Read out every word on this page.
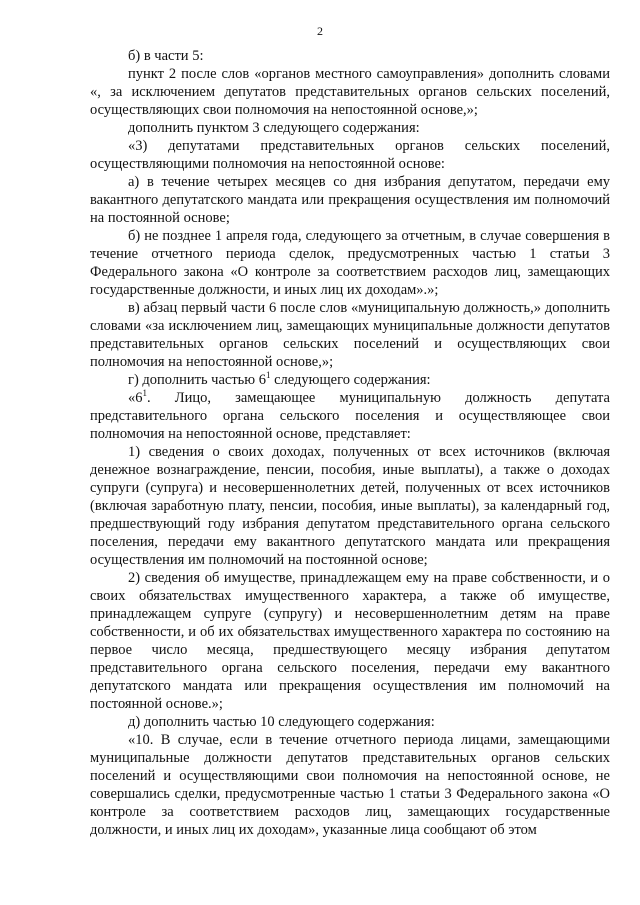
2

б) в части 5:

пункт 2 после слов «органов местного самоуправления» дополнить словами «, за исключением депутатов представительных органов сельских поселений, осуществляющих свои полномочия на непостоянной основе,»;

дополнить пунктом 3 следующего содержания:

«3) депутатами представительных органов сельских поселений, осуществляющими полномочия на непостоянной основе:

а) в течение четырех месяцев со дня избрания депутатом, передачи ему вакантного депутатского мандата или прекращения осуществления им полномочий на постоянной основе;

б) не позднее 1 апреля года, следующего за отчетным, в случае совершения в течение отчетного периода сделок, предусмотренных частью 1 статьи 3 Федерального закона «О контроле за соответствием расходов лиц, замещающих государственные должности, и иных лиц их доходам».»;

в) абзац первый части 6 после слов «муниципальную должность,» дополнить словами «за исключением лиц, замещающих муниципальные должности депутатов представительных органов сельских поселений и осуществляющих свои полномочия на непостоянной основе,»;

г) дополнить частью $6^1$ следующего содержания:

«$6^1$. Лицо, замещающее муниципальную должность депутата представительного органа сельского поселения и осуществляющее свои полномочия на непостоянной основе, представляет:

1) сведения о своих доходах, полученных от всех источников (включая денежное вознаграждение, пенсии, пособия, иные выплаты), а также о доходах супруги (супруга) и несовершеннолетних детей, полученных от всех источников (включая заработную плату, пенсии, пособия, иные выплаты), за календарный год, предшествующий году избрания депутатом представительного органа сельского поселения, передачи ему вакантного депутатского мандата или прекращения осуществления им полномочий на постоянной основе;

2) сведения об имуществе, принадлежащем ему на праве собственности, и о своих обязательствах имущественного характера, а также об имуществе, принадлежащем супруге (супругу) и несовершеннолетним детям на праве собственности, и об их обязательствах имущественного характера по состоянию на первое число месяца, предшествующего месяцу избрания депутатом представительного органа сельского поселения, передачи ему вакантного депутатского мандата или прекращения осуществления им полномочий на постоянной основе.»;

д) дополнить частью 10 следующего содержания:

«10. В случае, если в течение отчетного периода лицами, замещающими муниципальные должности депутатов представительных органов сельских поселений и осуществляющими свои полномочия на непостоянной основе, не совершались сделки, предусмотренные частью 1 статьи 3 Федерального закона «О контроле за соответствием расходов лиц, замещающих государственные должности, и иных лиц их доходам», указанные лица сообщают об этом
